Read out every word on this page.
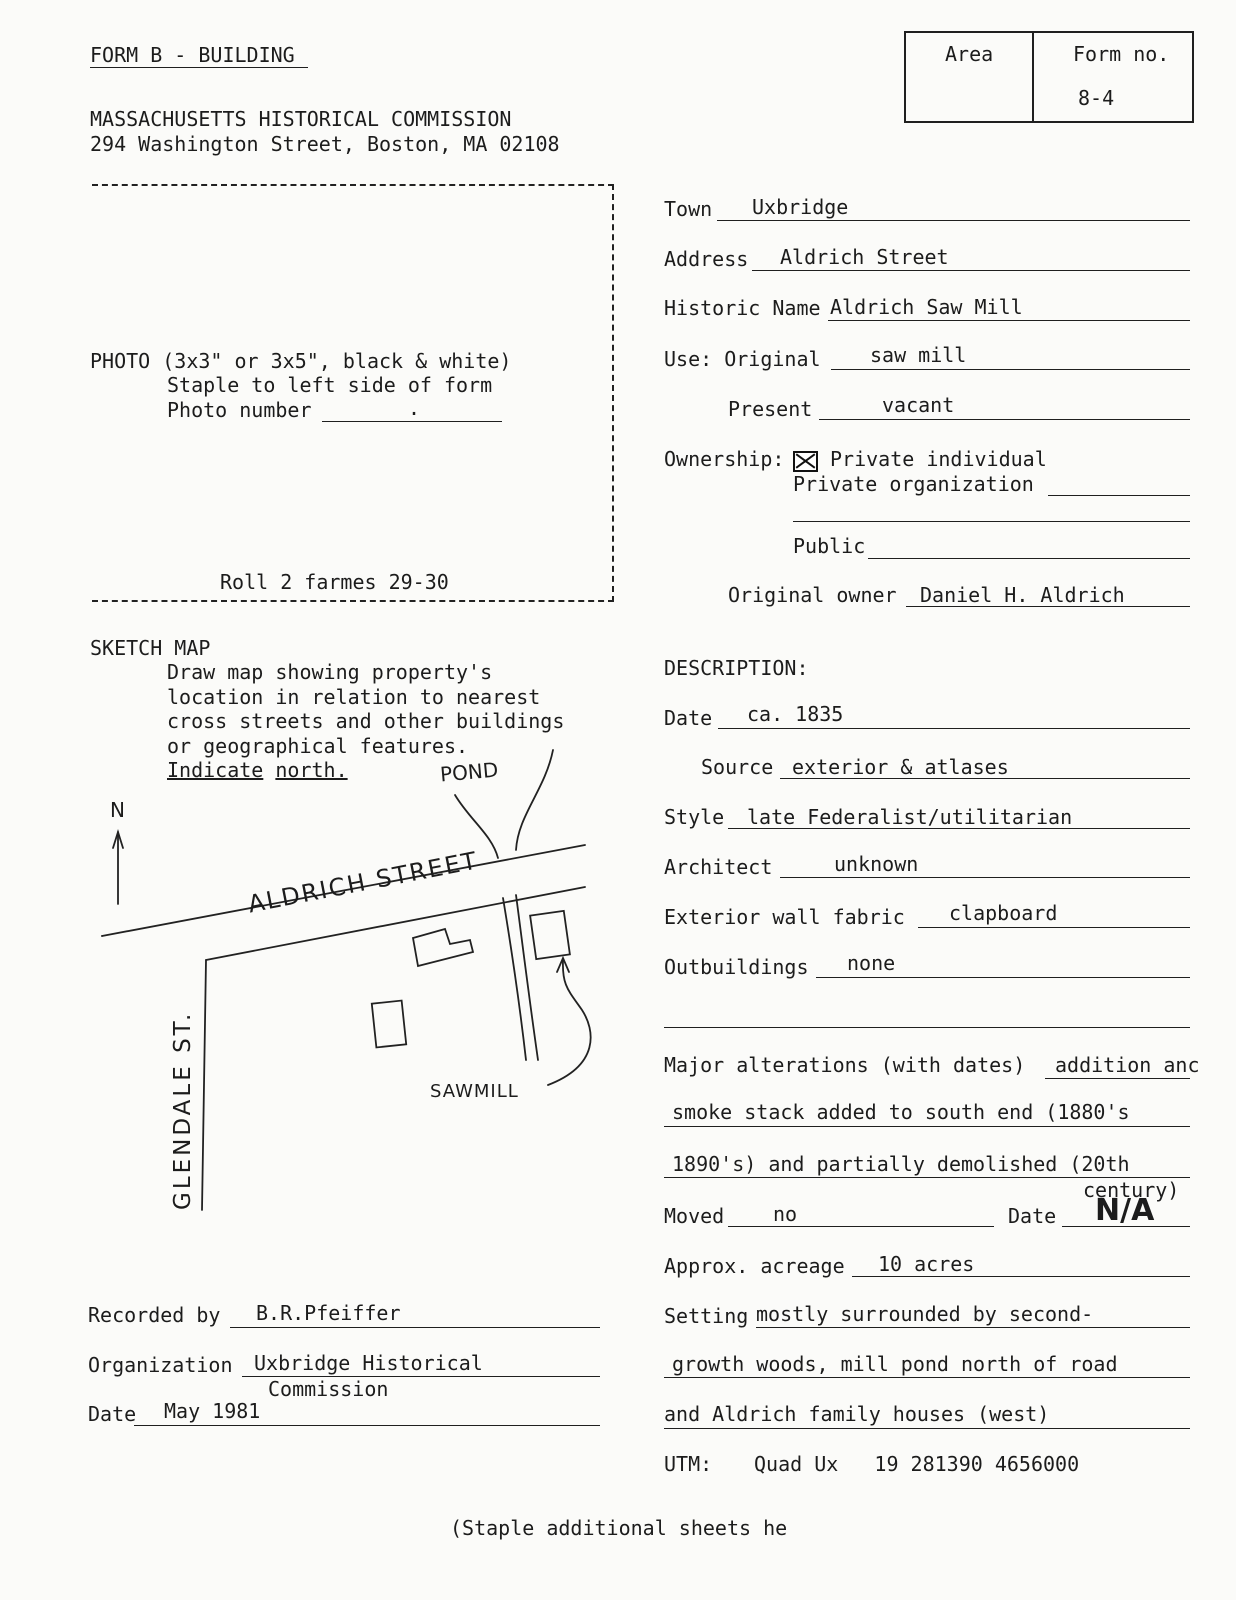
FORM B - BUILDING
MASSACHUSETTS HISTORICAL COMMISSION
294 Washington Street, Boston, MA 02108
Area	Form no.
8-4
PHOTO (3x3" or 3x5", black & white)
Staple to left side of form
Photo number	.
Roll 2 farmes 29-30
SKETCH MAP
Draw map showing property's
location in relation to nearest
cross streets and other buildings
or geographical features.
Indicate north.	POND
N
ALDRICH STREET
GLENDALE ST.	SAWMILL
Town Uxbridge
Address Aldrich Street
Historic Name Aldrich Saw Mill
Use: Original saw mill
Present	vacant
Ownership: Private individual
Private organization
Public
Original owner Daniel H. Aldrich
DESCRIPTION:
Date ca. 1835
Source exterior & atlases
Style late Federalist/utilitarian
Architect	unknown
Exterior wall fabric clapboard
Outbuildings none
Major alterations (with dates) addition anc
smoke stack added to south end (1880's
1890's) and partially demolished (20th
century)
Moved no	Date N/A
Approx. acreage 10 acres
Setting mostly surrounded by second-
growth woods, mill pond north of road
and Aldrich family houses (west)
UTM: Quad Ux   19 281390 4656000
Recorded by B.R.Pfeiffer
Organization Uxbridge Historical
Commission
Date May 1981
(Staple additional sheets he
